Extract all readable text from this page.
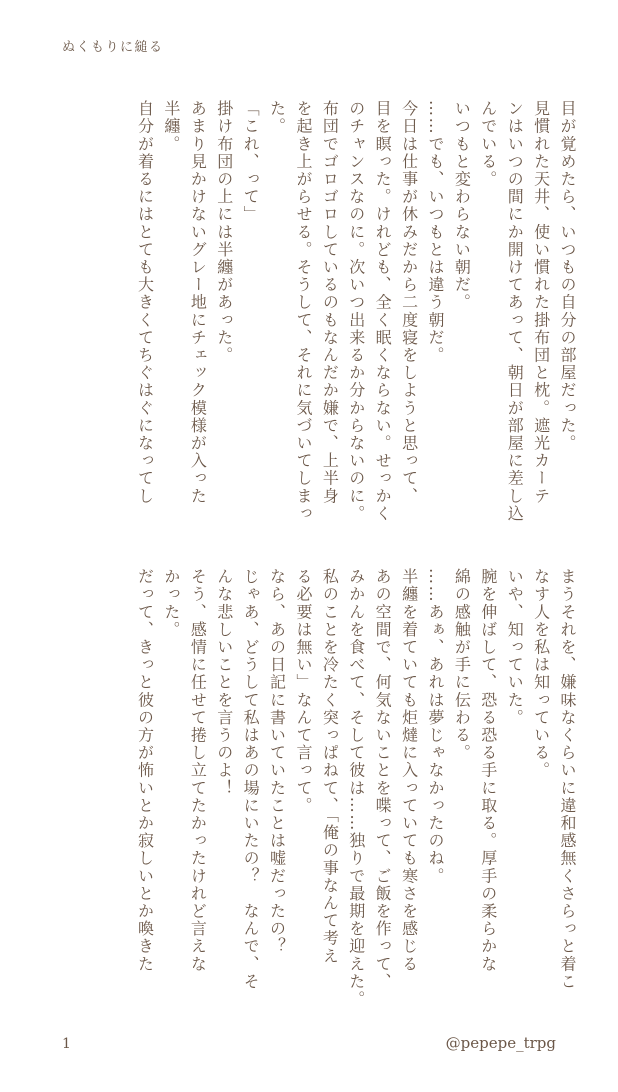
ぬくもりに縋る
目が覚めたら、いつもの自分の部屋だった。
見慣れた天井、使い慣れた掛布団と枕。遮光カーテ
ンはいつの間にか開けてあって、朝日が部屋に差し込
んでいる。
いつもと変わらない朝だ。
……でも、いつもとは違う朝だ。
今日は仕事が休みだから二度寝をしようと思って、
目を瞑った。けれども、全く眠くならない。せっかく
のチャンスなのに。次いつ出来るか分からないのに。
布団でゴロゴロしているのもなんだか嫌で、上半身
を起き上がらせる。そうして、それに気づいてしまっ
た。
「これ、って」
掛け布団の上には半纏があった。
あまり見かけないグレー地にチェック模様が入った
半纏。
自分が着るにはとても大きくてちぐはぐになってし
まうそれを、嫌味なくらいに違和感無くさらっと着こ
なす人を私は知っている。
いや、知っていた。
腕を伸ばして、恐る恐る手に取る。厚手の柔らかな
綿の感触が手に伝わる。
……あぁ、あれは夢じゃなかったのね。
半纏を着ていても炬燵に入っていても寒さを感じる
あの空間で、何気ないことを喋って、ご飯を作って、
みかんを食べて、そして彼は……独りで最期を迎えた。
私のことを冷たく突っぱねて、「俺の事なんて考え
る必要は無い」なんて言って。
なら、あの日記に書いていたことは嘘だったの？
じゃあ、どうして私はあの場にいたの？　なんで、そ
んな悲しいことを言うのよ！
そう、感情に任せて捲し立てたかったけれど言えな
かった。
だって、きっと彼の方が怖いとか寂しいとか喚きた
1	@pepepe_trpg
